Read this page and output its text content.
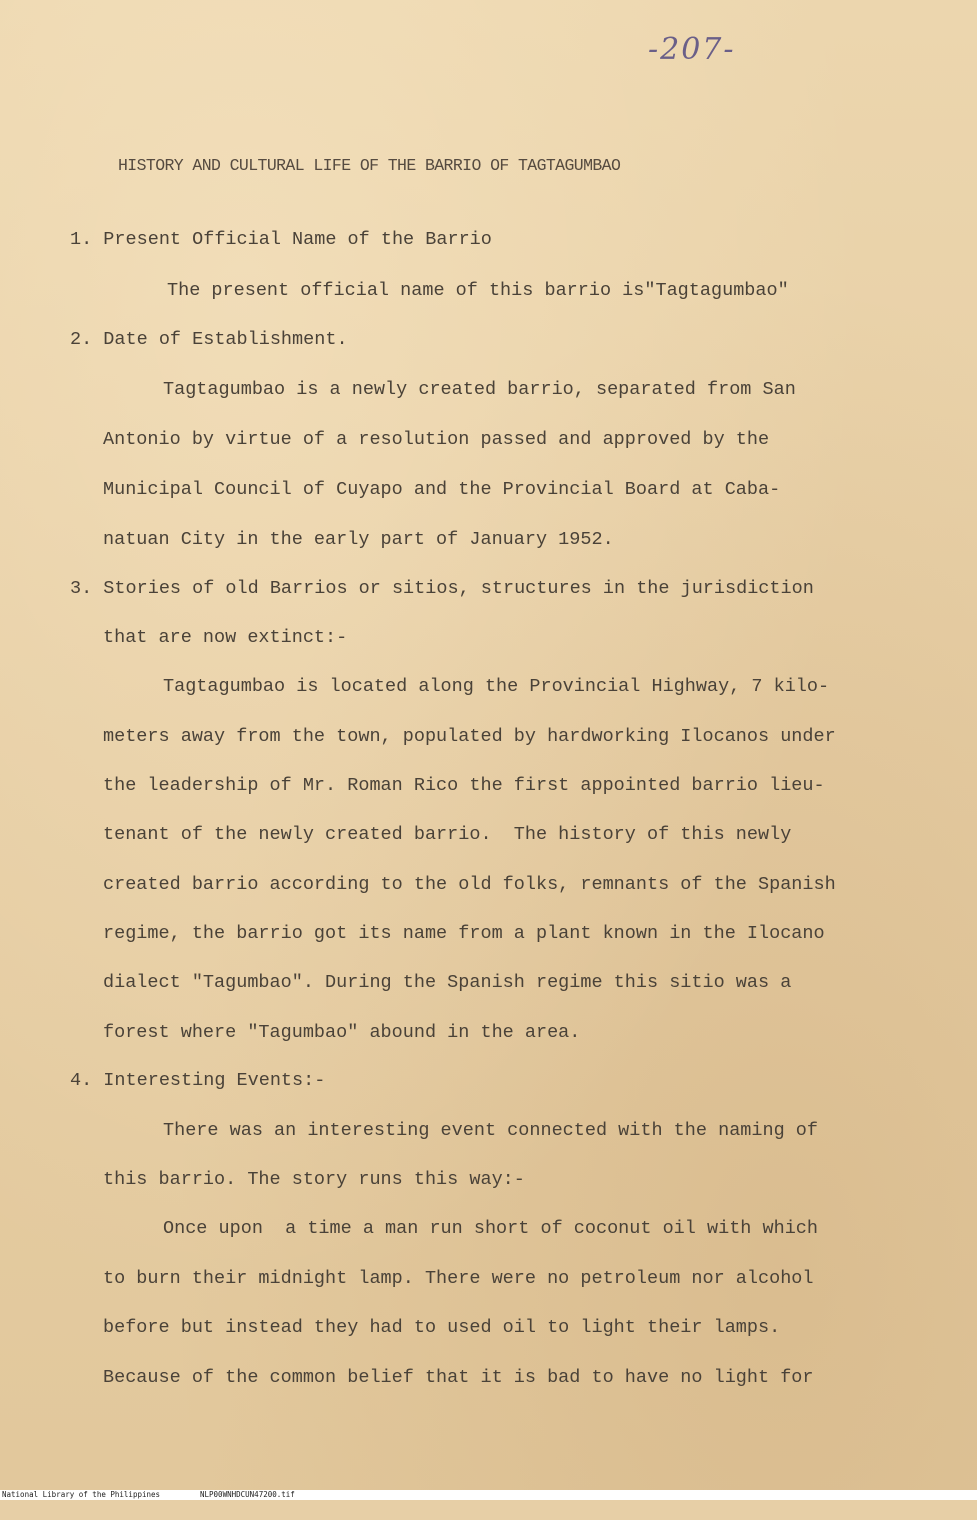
-207-
HISTORY AND CULTURAL LIFE OF THE BARRIO OF TAGTAGUMBAO
1. Present Official Name of the Barrio
The present official name of this barrio is"Tagtagumbao"
2. Date of Establishment.
Tagtagumbao is a newly created barrio, separated from San
Antonio by virtue of a resolution passed and approved by the
Municipal Council of Cuyapo and the Provincial Board at Caba-
natuan City in the early part of January 1952.
3. Stories of old Barrios or sitios, structures in the jurisdiction
that are now extinct:-
Tagtagumbao is located along the Provincial Highway, 7 kilo-
meters away from the town, populated by hardworking Ilocanos under
the leadership of Mr. Roman Rico the first appointed barrio lieu-
tenant of the newly created barrio.  The history of this newly
created barrio according to the old folks, remnants of the Spanish
regime, the barrio got its name from a plant known in the Ilocano
dialect "Tagumbao". During the Spanish regime this sitio was a
forest where "Tagumbao" abound in the area.
4. Interesting Events:-
There was an interesting event connected with the naming of
this barrio. The story runs this way:-
Once upon  a time a man run short of coconut oil with which
to burn their midnight lamp. There were no petroleum nor alcohol
before but instead they had to used oil to light their lamps.
Because of the common belief that it is bad to have no light for

National Library of the Philippines

	NLP00WNHDCUN47200.tif
